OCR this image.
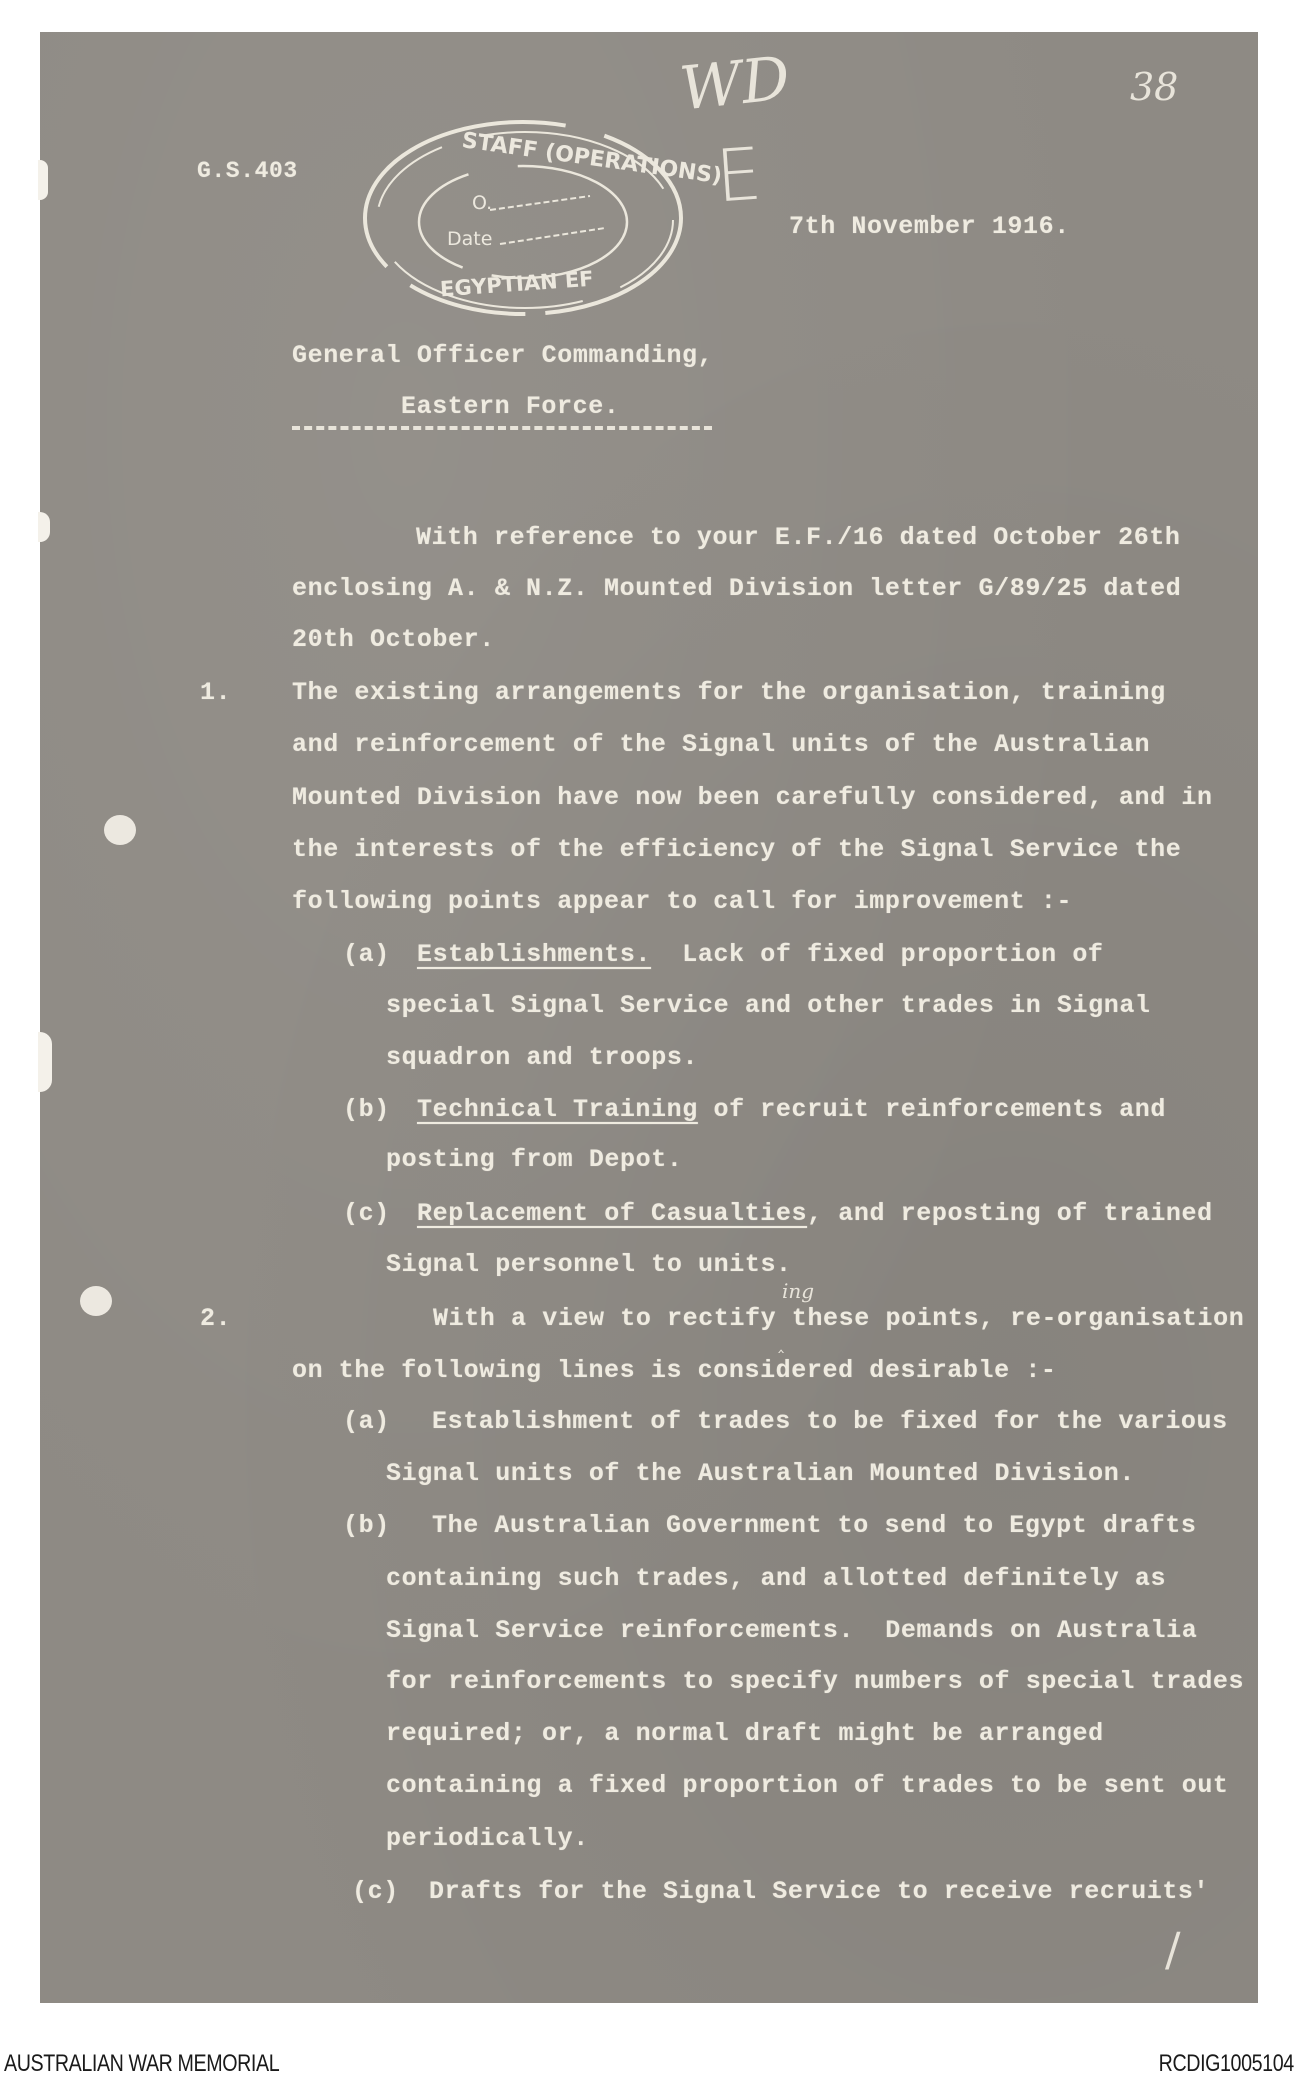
STAFF (OPERATIONS)
O.
Date
EGYPTIAN EF
WD
E
38
/
G.S.403
7th November 1916.
General Officer Commanding,
Eastern Force.
With reference to your E.F./16 dated October 26th
enclosing A. & N.Z. Mounted Division letter G/89/25 dated
20th October.
1. The existing arrangements for the organisation, training
and reinforcement of the Signal units of the Australian
Mounted Division have now been carefully considered, and in
the interests of the efficiency of the Signal Service the
following points appear to call for improvement :-
(a) Establishments.  Lack of fixed proportion of
special Signal Service and other trades in Signal
squadron and troops.
(b) Technical Training of recruit reinforcements and
posting from Depot.
(c) Replacement of Casualties, and reposting of trained
Signal personnel to units.
2.	With a view to rectify these points, re-organisation
ing
‸
on the following lines is considered desirable :-
(a) Establishment of trades to be fixed for the various
Signal units of the Australian Mounted Division.
(b) The Australian Government to send to Egypt drafts
containing such trades, and allotted definitely as
Signal Service reinforcements.  Demands on Australia
for reinforcements to specify numbers of special trades
required; or, a normal draft might be arranged
containing a fixed proportion of trades to be sent out
periodically.
(c) Drafts for the Signal Service to receive recruits'
AUSTRALIAN WAR MEMORIAL	RCDIG1005104
